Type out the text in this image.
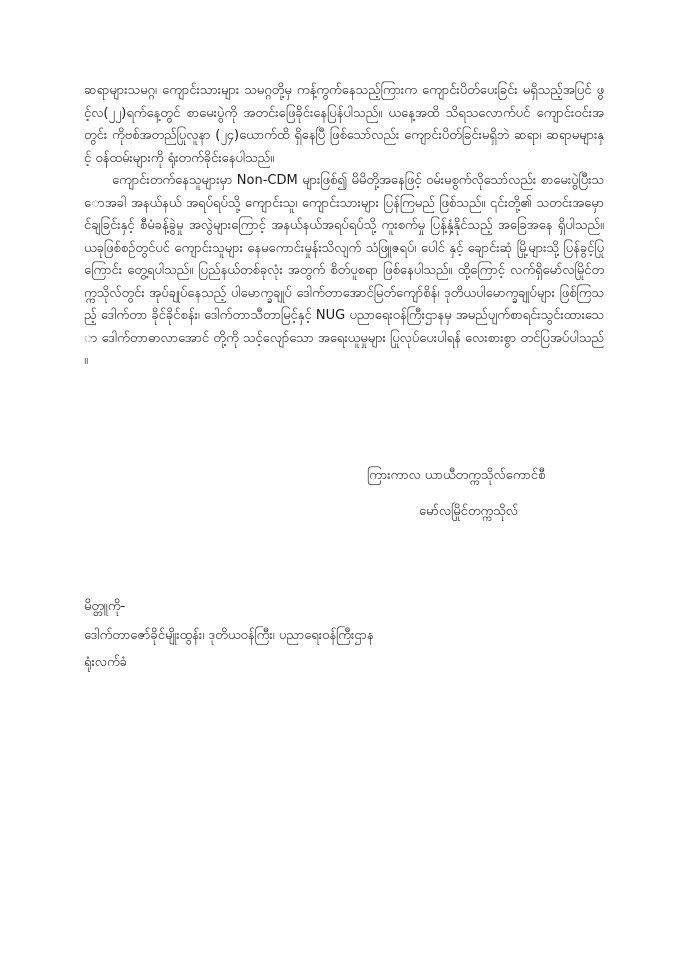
ဆရာများသမဂ္ဂ၊ ကျောင်းသားများ သမဂ္ဂတို့မှ ကန့်ကွက်နေသည့်ကြားက ကျောင်းပိတ်ပေးခြင်း မရှိသည့်အပြင် ဖွင့်လ(၂၂)ရက်နေ့တွင် စာမေးပွဲကို အတင်းဖြေခိုင်းနေပြန်ပါသည်။ ယနေ့အထိ သိရသလောက်ပင် ကျောင်းဝင်းအတွင်း ကိုဗစ်အတည်ပြုလူနာ (၂၄)ယောက်ထိ ရှိနေပြီ ဖြစ်သော်လည်း ကျောင်းပိတ်ခြင်းမရှိဘဲ ဆရာ၊ ဆရာမများနှင့် ဝန်ထမ်းများကို ရုံးတက်ခိုင်းနေပါသည်။

ကျောင်းတက်နေသူများမှာ Non-CDM များဖြစ်၍ မိမိတို့အနေဖြင့် ဝမ်းမစွက်လိုသော်လည်း စာမေးပွဲပြီးသောအခါ အနယ်နယ် အရပ်ရပ်သို့ ကျောင်းသူ၊ ကျောင်းသားများ ပြန်ကြမည် ဖြစ်သည်။ ၎င်းတို့၏ သတင်းအမှောင်ချခြင်းနှင့် စီမံခန့်ခွဲမှု အလွဲများကြောင့် အနယ်နယ်အရပ်ရပ်သို့ ကူးစက်မှု ပြန့်နှံ့နိုင်သည့် အခြေအနေ ရှိပါသည်။ ယခုဖြစ်စဉ်တွင်ပင် ကျောင်းသူများ နေမကောင်းမှုန်းသိလျက် သံဖြူဇရပ်၊ ပေါင် နှင့် ချောင်းဆုံ မြို့များသို့ ပြန်ခွင့်ပြုကြောင်း တွေ့ရပါသည်။ ပြည်နယ်တစ်ခုလုံး အတွက် စိတ်ပူစရာ ဖြစ်နေပါသည်။ ထို့ကြောင့် လက်ရှိမော်လမြိုင်တက္ကသိုလ်တွင်း အုပ်ချုပ်နေသည့် ပါမောက္ခချုပ် ဒေါက်တာအောင်မြတ်ကျော်စိန်၊ ဒုတိယပါမောက္ခချုပ်များ ဖြစ်ကြသည့် ဒေါက်တာ ခိုင်ခိုင်စန်း၊ ဒေါက်တာသီတာမြင့်နှင့် NUG ပညာရေးဝန်ကြီးဌာနမှ အမည်ပျက်စာရင်းသွင်းထားသော ဒေါက်တာဓာလာအောင် တို့ကို သင့်လျော်သော အရေးယူမှုများ ပြုလုပ်ပေးပါရန် လေးစားစွာ တင်ပြအပ်ပါသည်။

ကြားကာလ ယာယီတက္ကသိုလ်ကောင်စီ
မော်လမြိုင်တက္ကသိုလ်
မိတ္တူကို-
ဒေါက်တာဇော်ခိုင်မျိုးထွန်း၊ ဒုတိယဝန်ကြီး၊ ပညာရေးဝန်ကြီးဌာန
ရုံးလက်ခံ
